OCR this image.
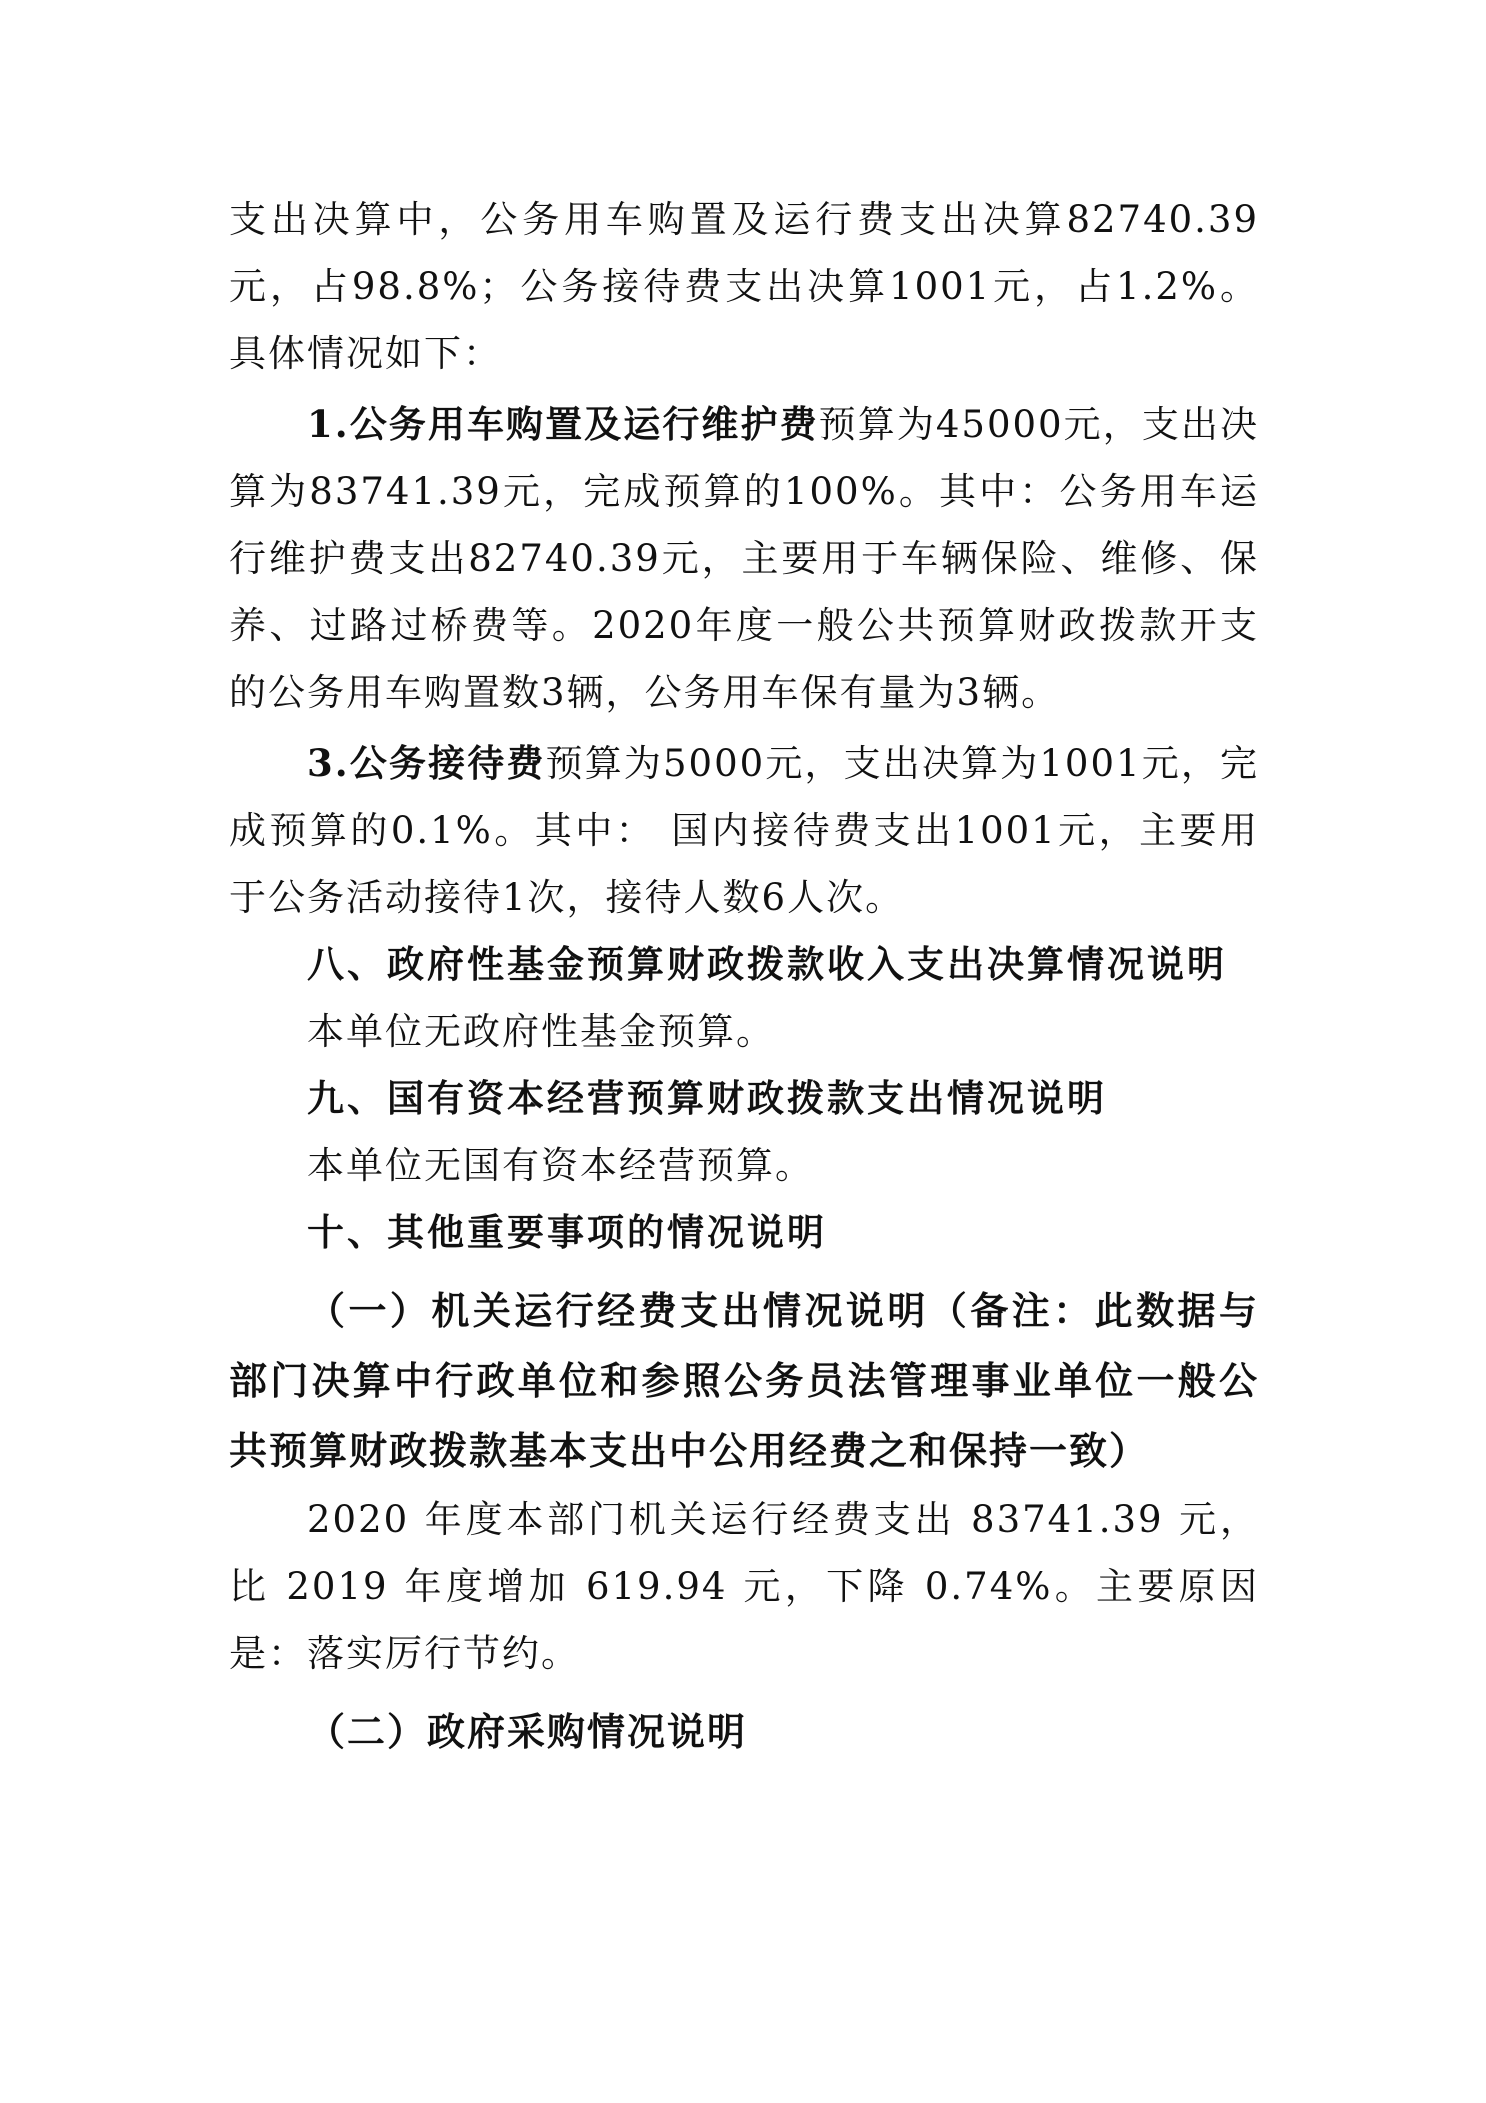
支出决算中，公务用车购置及运行费支出决算82740.39元，占98.8%；公务接待费支出决算1001元，占1.2%。具体情况如下：

1.公务用车购置及运行维护费预算为45000元，支出决算为83741.39元，完成预算的100%。其中：公务用车运行维护费支出82740.39元，主要用于车辆保险、维修、保养、过路过桥费等。2020年度一般公共预算财政拨款开支的公务用车购置数3辆，公务用车保有量为3辆。

3.公务接待费预算为5000元，支出决算为1001元，完成预算的0.1%。其中： 国内接待费支出1001元，主要用于公务活动接待1次，接待人数6人次。

八、政府性基金预算财政拨款收入支出决算情况说明

本单位无政府性基金预算。

九、国有资本经营预算财政拨款支出情况说明

本单位无国有资本经营预算。

十、其他重要事项的情况说明

（一）机关运行经费支出情况说明（备注：此数据与部门决算中行政单位和参照公务员法管理事业单位一般公共预算财政拨款基本支出中公用经费之和保持一致）

2020 年度本部门机关运行经费支出 83741.39 元，比 2019 年度增加 619.94 元，下降 0.74%。主要原因是：落实厉行节约。

（二）政府采购情况说明
